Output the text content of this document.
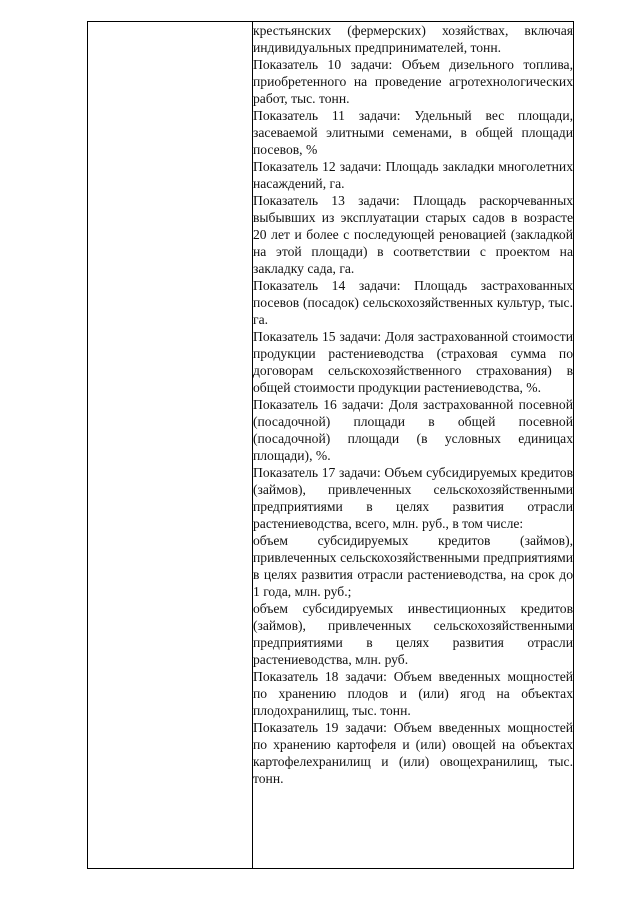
крестьянских (фермерских) хозяйствах, включая индивидуальных предпринимателей, тонн.

Показатель 10 задачи: Объем дизельного топлива, приобретенного на проведение агротехнологических работ, тыс. тонн.

Показатель 11 задачи: Удельный вес площади, засеваемой элитными семенами, в общей площади посевов, %

Показатель 12 задачи: Площадь закладки многолетних насаждений, га.

Показатель 13 задачи: Площадь раскорчеванных выбывших из эксплуатации старых садов в возрасте 20 лет и более с последующей реновацией (закладкой на этой площади) в соответствии с проектом на закладку сада, га.

Показатель 14 задачи: Площадь застрахованных посевов (посадок) сельскохозяйственных культур, тыс. га.

Показатель 15 задачи: Доля застрахованной стоимости продукции растениеводства (страховая сумма по договорам сельскохозяйственного страхования) в общей стоимости продукции растениеводства, %.

Показатель 16 задачи: Доля застрахованной посевной (посадочной) площади в общей посевной (посадочной) площади (в условных единицах площади), %.

Показатель 17 задачи: Объем субсидируемых кредитов (займов), привлеченных сельскохозяйственными предприятиями в целях развития отрасли растениеводства, всего, млн. руб., в том числе:

объем субсидируемых кредитов (займов), привлеченных сельскохозяйственными предприятиями в целях развития отрасли растениеводства, на срок до 1 года, млн. руб.;

объем субсидируемых инвестиционных кредитов (займов), привлеченных сельскохозяйственными предприятиями в целях развития отрасли растениеводства, млн. руб.

Показатель 18 задачи: Объем введенных мощностей по хранению плодов и (или) ягод на объектах плодохранилищ, тыс. тонн.

Показатель 19 задачи: Объем введенных мощностей по хранению картофеля и (или) овощей на объектах картофелехранилищ и (или) овощехранилищ, тыс. тонн.
